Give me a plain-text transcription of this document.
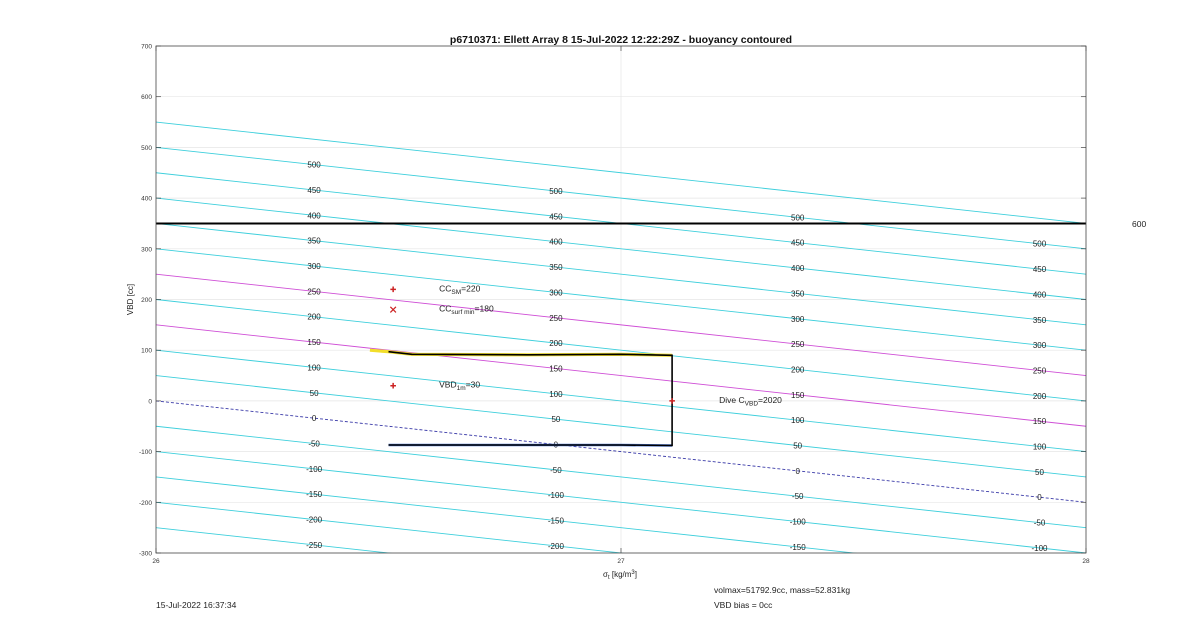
600
500
450
400
350
300
250
200
150
100
50
0
-50
-100
-150
-200
-250
500
450
400
350
300
250
200
150
100
50
0
-50
-100
-150
-200
500
450
400
350
300
250
200
150
100
50
0
-50
-100
-150
500
450
400
350
300
250
200
150
100
50
0
-50
-100
$CC_{SM}=220$
$CC_{surf min}=180$
$VBD_{1m}=30$
Dive $C_{VBD}=2020$
-300
-200
-100
0
100
200
300
400
500
600
700
26	27	28
p6710371: Ellett Array 8 15-Jul-2022 12:22:29Z - buoyancy contoured
VBD [cc]
$\sigma_t$ $[kg/m^3]$
15-Jul-2022 16:37:34
volmax=51792.9cc, mass=52.831kg
VBD bias = 0cc
